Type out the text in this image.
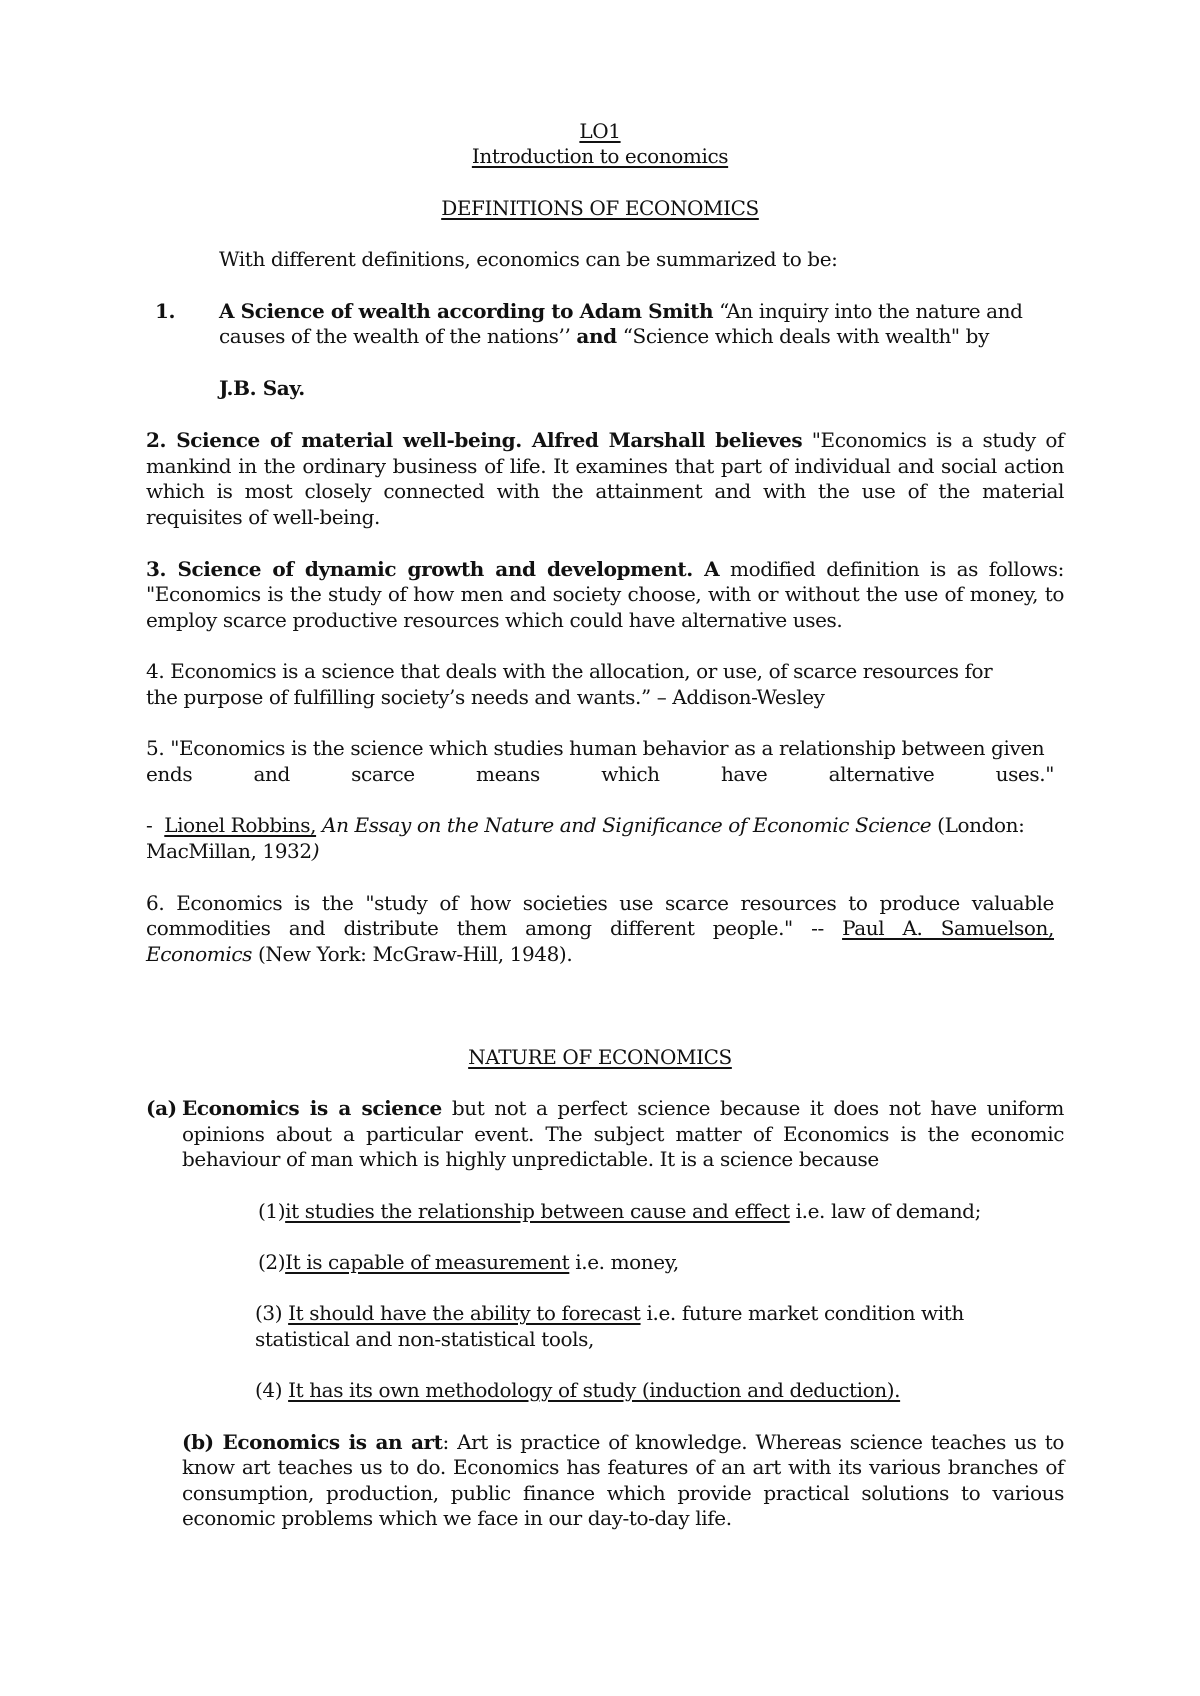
LO1
Introduction to economics
DEFINITIONS OF ECONOMICS
With different definitions, economics can be summarized to be:
1. A Science of wealth according to Adam Smith “An inquiry into the nature and
causes of the wealth of the nations’’ and “Science which deals with wealth" by
J.B. Say.
2. Science of material well-being. Alfred Marshall believes "Economics is a study of
mankind in the ordinary business of life. It examines that part of individual and social action
which is most closely connected with the attainment and with the use of the material
requisites of well-being.
3. Science of dynamic growth and development. A modified definition is as follows:
"Economics is the study of how men and society choose, with or without the use of money, to
employ scarce productive resources which could have alternative uses.
4. Economics is a science that deals with the allocation, or use, of scarce resources for
the purpose of fulfilling society’s needs and wants.” – Addison-Wesley
5. "Economics is the science which studies human behavior as a relationship between given
ends and scarce means which have alternative uses."
- Lionel Robbins, An Essay on the Nature and Significance of Economic Science (London:
MacMillan, 1932)
6. Economics is the "study of how societies use scarce resources to produce valuable
commodities and distribute them among different people." -- Paul A. Samuelson,
Economics (New York: McGraw-Hill, 1948).
NATURE OF ECONOMICS
(a) Economics is a science but not a perfect science because it does not have uniform
opinions about a particular event. The subject matter of Economics is the economic
behaviour of man which is highly unpredictable. It is a science because
(1)it studies the relationship between cause and effect i.e. law of demand;
(2)It is capable of measurement i.e. money,
(3) It should have the ability to forecast i.e. future market condition with
statistical and non-statistical tools,
(4) It has its own methodology of study (induction and deduction).
(b) Economics is an art: Art is practice of knowledge. Whereas science teaches us to
know art teaches us to do. Economics has features of an art with its various branches of
consumption, production, public finance which provide practical solutions to various
economic problems which we face in our day-to-day life.
